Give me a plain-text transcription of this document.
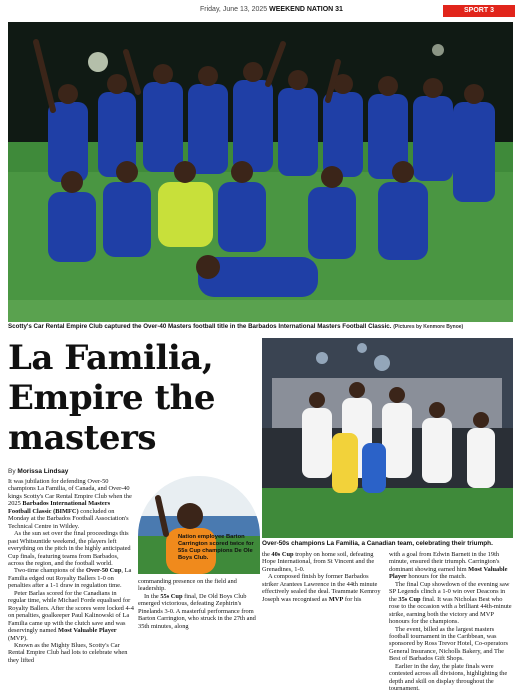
Friday, June 13, 2025 WEEKEND NATION 31	SPORT 3
Scotty's Car Rental Empire Club captured the Over-40 Masters football title in the Barbados International Masters Football Classic. (Pictures by Kenmore Bynoe)
La Familia,
Empire the
masters
Over-50s champions La Familia, a Canadian team, celebrating their triumph.
By Morissa Lindsay

It was jubilation for defending Over-50 champions La Familia, of Canada, and Over-40 kings Scotty's Car Rental Empire Club when the 2025 Barbados International Masters Football Classic (BIMFC) concluded on Monday at the Barbados Football Association's Technical Centre in Wildey.

As the sun set over the final proceedings this past Whitsuntide weekend, the players left everything on the pitch in the highly anticipated Cup finals, featuring teams from Barbados, across the region, and the football world.

Two-time champions of the Over-50 Cup, La Familia edged out Royalty Ballers 1-0 on penalties after a 1-1 draw in regulation time.

Peter Barlas scored for the Canadians in regular time, while Michael Forde equalised for Royalty Ballers. After the scores were locked 4-4 on penalties, goalkeeper Paul Kalinowski of La Familia came up with the clutch save and was deservingly named Most Valuable Player (MVP).

Known as the Mighty Blues, Scotty's Car Rental Empire Club had lots to celebrate when they lifted

Nation employee Barton Carrington scored twice for 55s Cup champions De Ole Boys Club.

commanding presence on the field and leadership.

In the 55s Cup final, De Old Boys Club emerged victorious, defeating Zephirin's Pinelands 3-0. A masterful performance from Barton Carrington, who struck in the 27th and 35th minutes, along

the 40s Cup trophy on home soil, defeating Hope International, from St Vincent and the Grenadines, 1-0.

A composed finish by former Barbados striker Arantees Lawrence in the 44th minute effectively sealed the deal. Teammate Kemroy Joseph was recognised as MVP for his

with a goal from Edwin Barnett in the 19th minute, ensured their triumph. Carrington's dominant showing earned him Most Valuable Player honours for the match.

The final Cup showdown of the evening saw SP Legends clinch a 1-0 win over Deacons in the 35s Cup final. It was Nicholas Best who rose to the occasion with a brilliant 44th-minute strike, earning both the victory and MVP honours for the champions.

The event, billed as the largest masters football tournament in the Caribbean, was sponsored by Ross Trevor Hotel, Co-operators General Insurance, Nicholls Bakery, and The Best of Barbados Gift Shops.

Earlier in the day, the plate finals were contested across all divisions, highlighting the depth and skill on display throughout the tournament.
